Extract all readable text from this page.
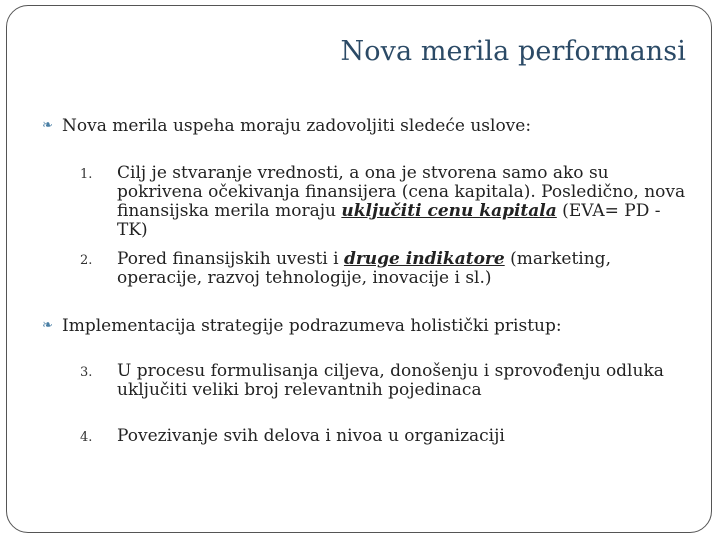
Nova merila performansi
❧ Nova merila uspeha moraju zadovoljiti sledeće uslove:
1.	Cilj je stvaranje vrednosti, a ona je stvorena samo ako su pokrivena očekivanja finansijera (cena kapitala). Posledično, nova finansijska merila moraju uključiti cenu kapitala (EVA= PD - TK)
2.	Pored finansijskih uvesti i druge indikatore (marketing, operacije, razvoj tehnologije, inovacije i sl.)
❧ Implementacija strategije podrazumeva holistički pristup:
3.	U procesu formulisanja ciljeva, donošenju i sprovođenju odluka uključiti veliki broj relevantnih pojedinaca
4.	Povezivanje svih delova i nivoa u organizaciji
